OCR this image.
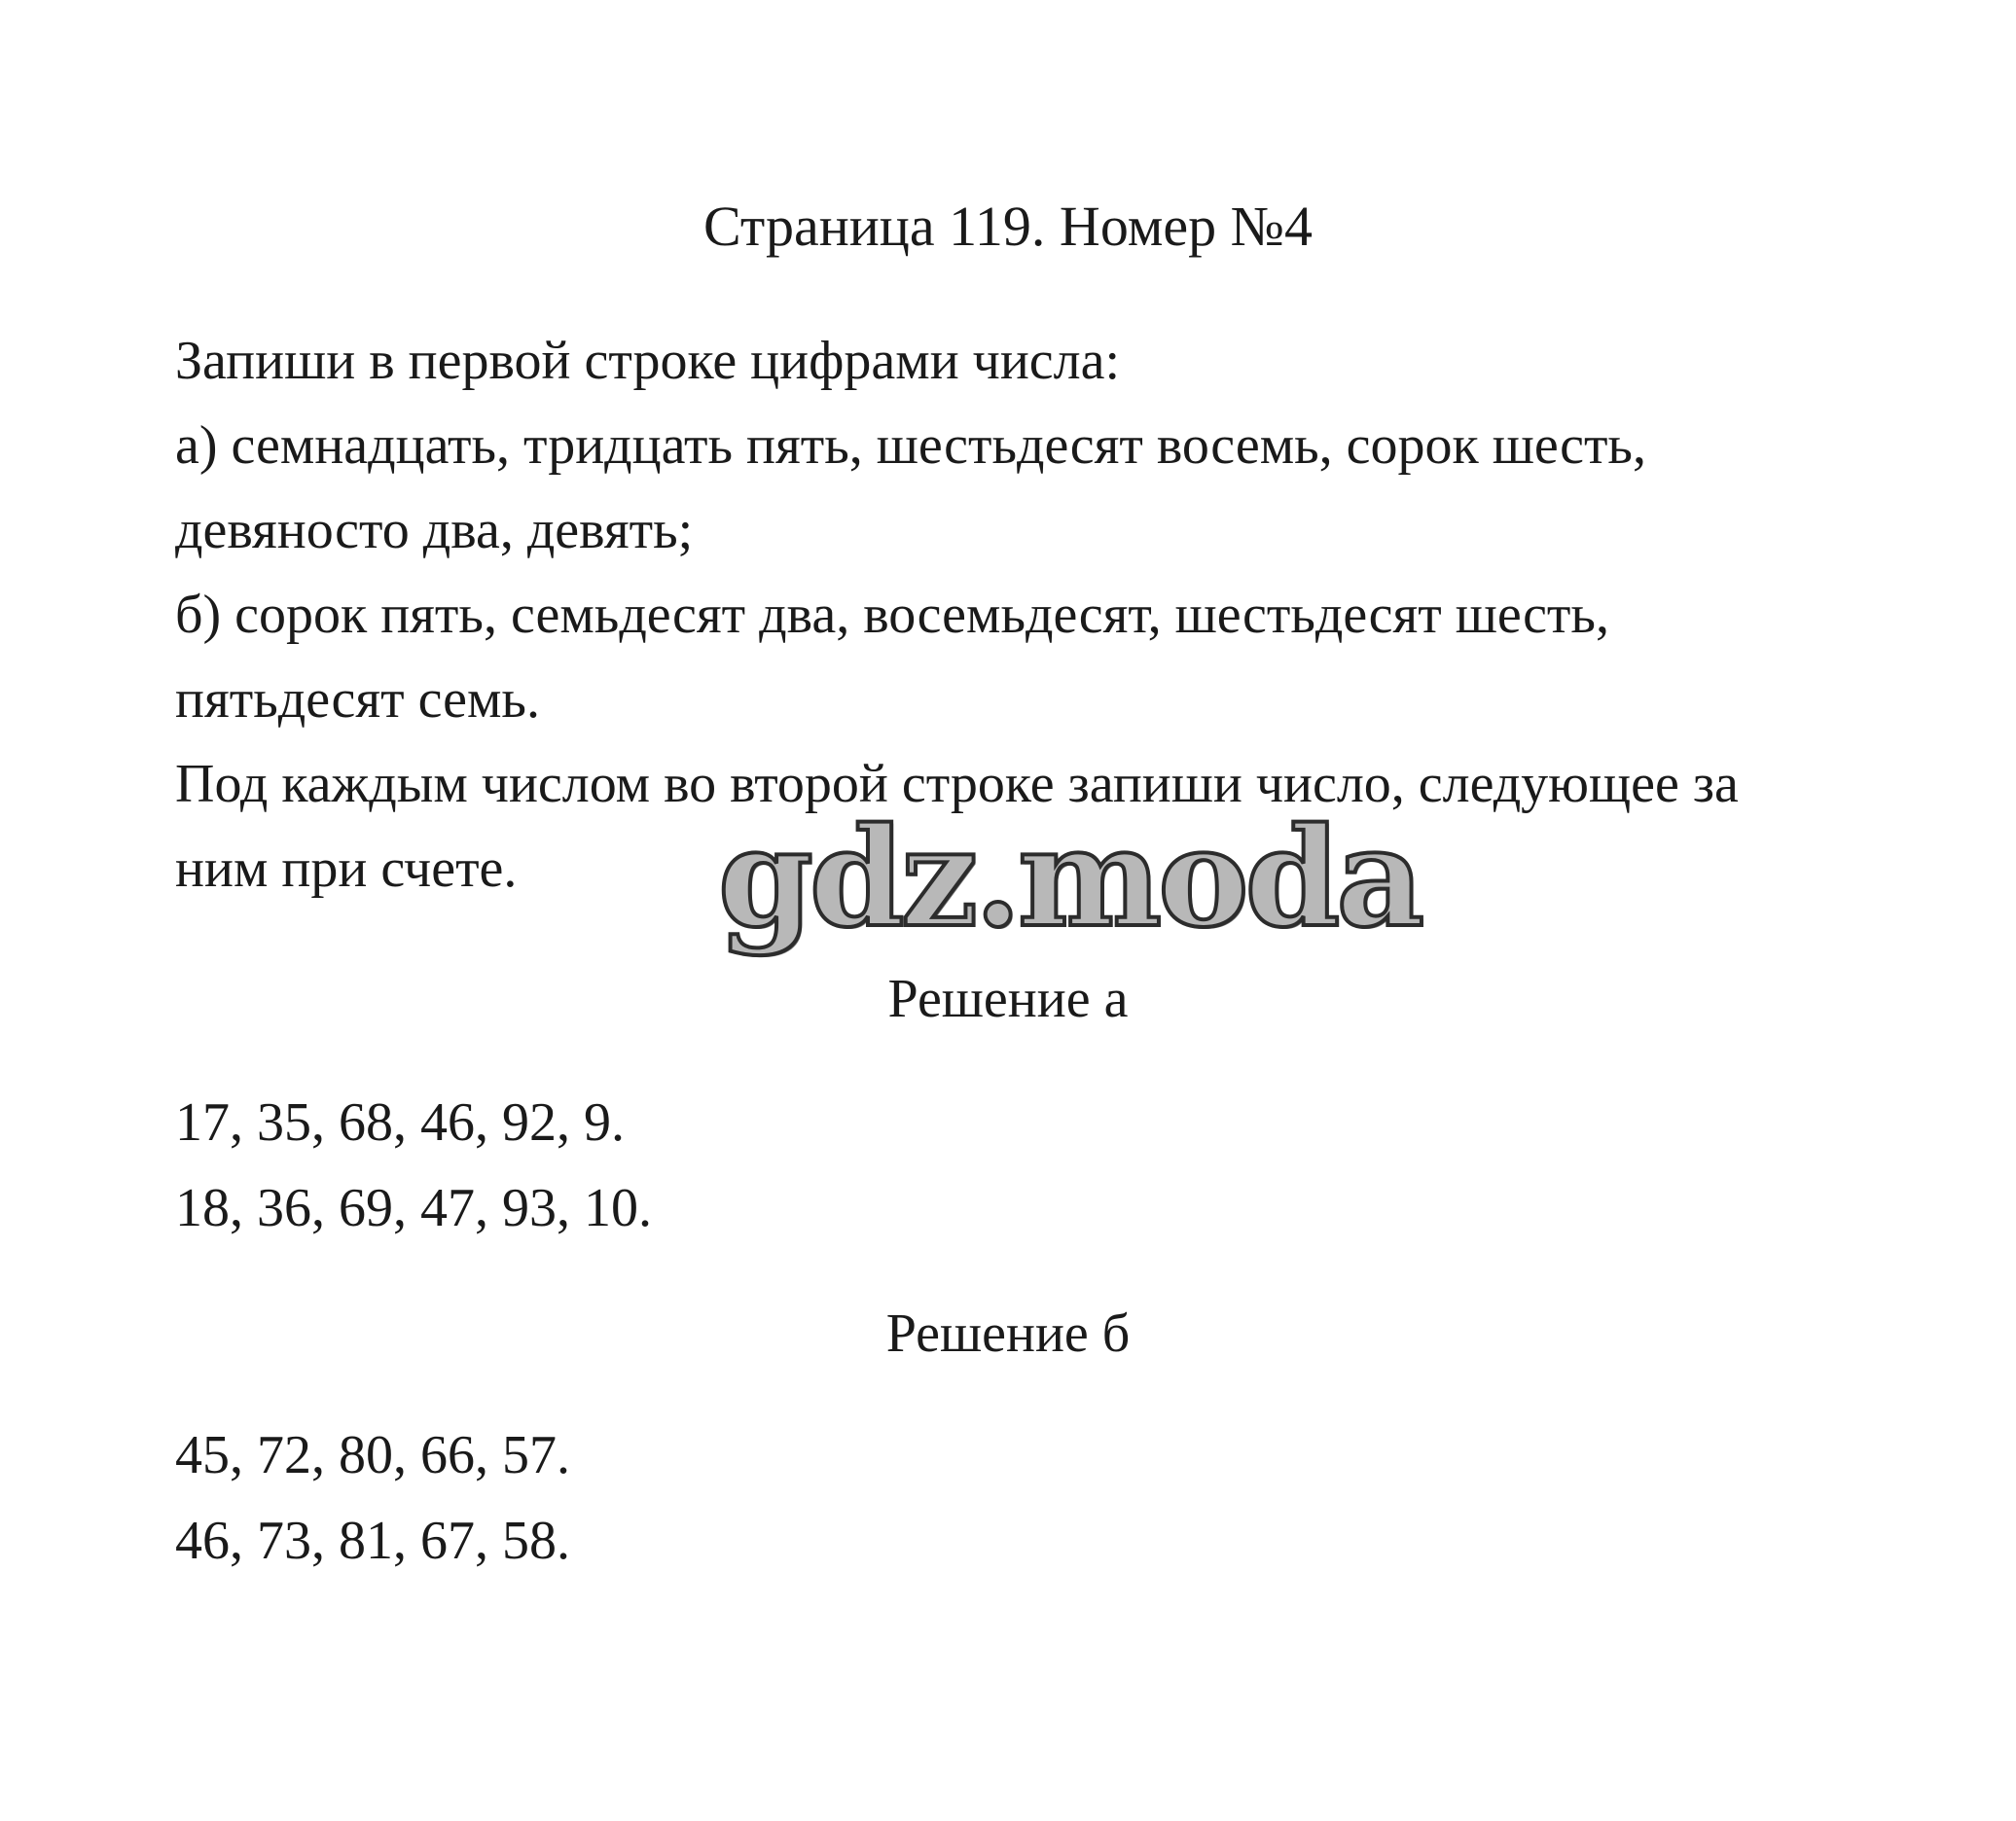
Страница 119. Номер №4

Запиши в первой строке цифрами числа:

а) семнадцать, тридцать пять, шестьдесят восемь, сорок шесть,

девяносто два, девять;

б) сорок пять, семьдесят два, восемьдесят, шестьдесят шесть,

пятьдесят семь.

Под каждым числом во второй строке запиши число, следующее за

ним при счете.	gdz.moda
Решение а

17, 35, 68, 46, 92, 9.

18, 36, 69, 47, 93, 10.

Решение б

45, 72, 80, 66, 57.

46, 73, 81, 67, 58.
